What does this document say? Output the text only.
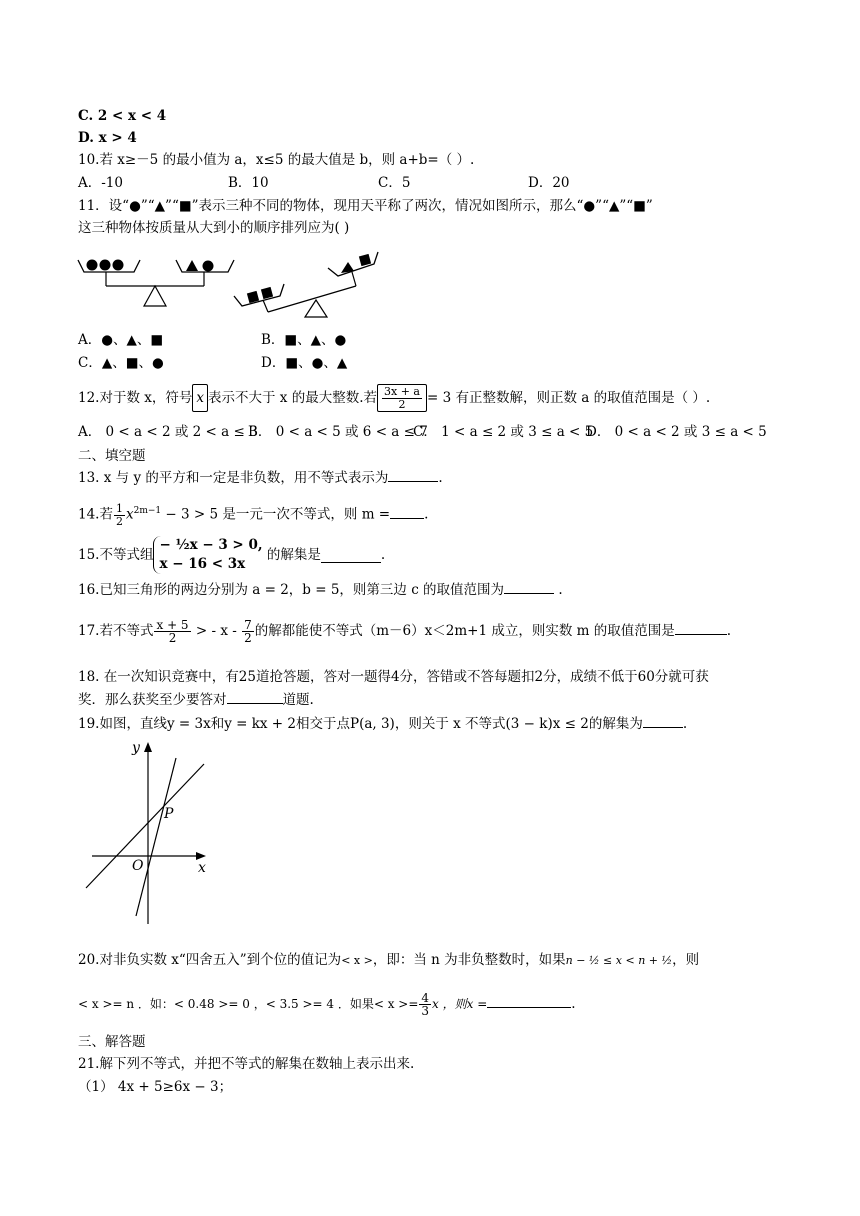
C. 2 < x < 4
D. x > 4
10.若 x≥－5 的最小值为 a，x≤5 的最大值是 b，则 a+b=（ ）.
A．-10	B．10	C．5	D．20
11．设“●”“▲”“■”表示三种不同的物体，现用天平称了两次，情况如图所示，那么“●”“▲”“■”
这三种物体按质量从大到小的顺序排列应为( )
A．●、▲、■	B．■、▲、●
C．▲、■、●	D．■、●、▲
12.对于数 x，符号 x 表示不大于 x 的最大整数.若 $\frac{3x + a}{2} = 3$ 有正整数解，则正数 a 的取值范围是（ ）.
A． 0 < a < 2 或 2 < a ≤ 3
B． 0 < a < 5 或 6 < a ≤ 7
C． 1 < a ≤ 2 或 3 ≤ a < 5
D． 0 < a < 2 或 3 ≤ a < 5
二、填空题
13. x 与 y 的平方和一定是非负数，用不等式表示为	.
14.若 $\frac{1}{2} x^{2m-1} - 3 > 5$ 是一元一次不等式，则 m =	.
15.不等式组
− ½x − 3 > 0,
x − 16 < 3x
的解集是	.
16.已知三角形的两边分别为 a = 2，b = 5，则第三边 c 的取值范围为	.
17.若不等式 $\frac{x + 5}{2}$ > - x - $\frac{7}{2}$ 的解都能使不等式（m－6）x＜2m+1 成立，则实数 m 的取值范围是	.
18. 在一次知识竞赛中，有25道抢答题，答对一题得4分，答错或不答每题扣2分，成绩不低于60分就可获
奖．那么获奖至少要答对	道题.
19.如图，直线y = 3x和y = kx + 2相交于点P(a, 3)，则关于 x 不等式(3 − k)x ≤ 2的解集为	.
y
x
O
P
20.对非负实数 x“四舍五入”到个位的值记为< x >，即：当 n 为非负整数时，如果n − ½ ≤ x < n + ½，则
< x >= n ．如：< 0.48 >= 0 ，< 3.5 >= 4 ．如果< $x >= \frac{4}{3}$ x ，则x =	.
三、解答题
21.解下列不等式，并把不等式的解集在数轴上表示出来.
（1） 4x + 5≥6x − 3；
